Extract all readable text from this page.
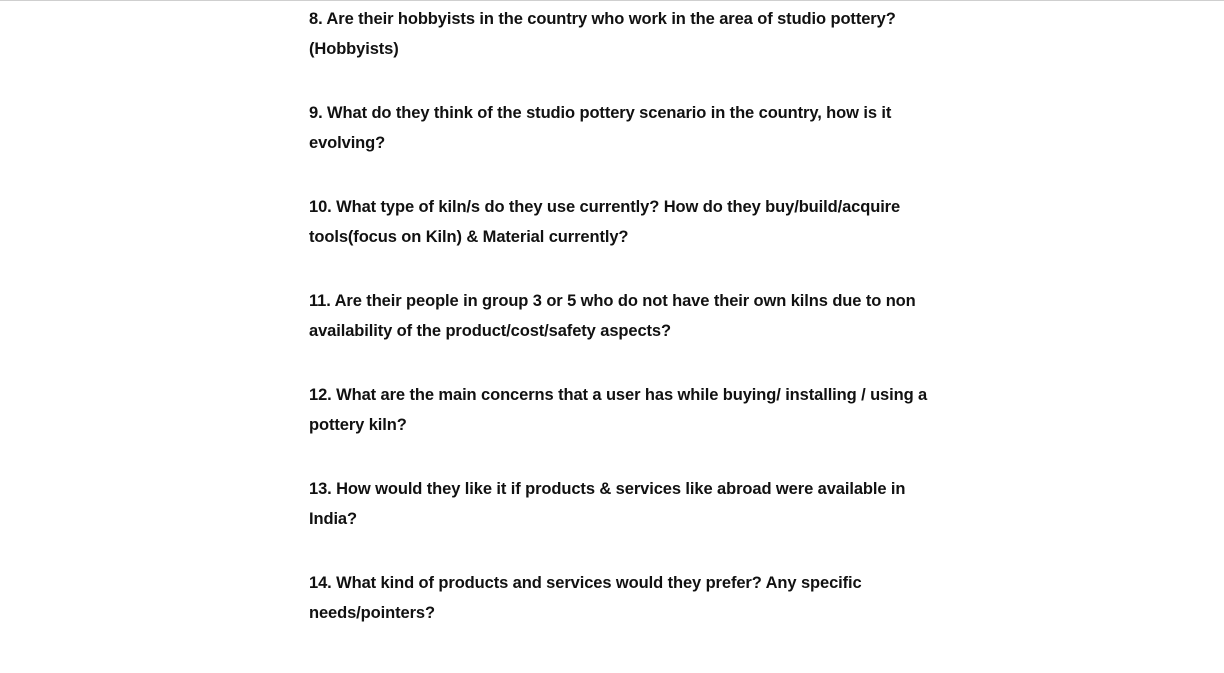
8. Are their hobbyists in the country who work in the area of studio pottery? (Hobbyists)

9. What do they think of the studio pottery scenario in the country, how is it evolving?

10. What type of kiln/s do they use currently? How do they buy/build/acquire tools(focus on Kiln) & Material currently?

11. Are their people in group 3 or 5 who do not have their own kilns due to non availability of the product/cost/safety aspects?

12. What are the main concerns that a user has while buying/ installing / using a pottery kiln?

13. How would they like it if products & services like abroad were available in India?

14. What kind of products and services would they prefer? Any specific needs/pointers?
